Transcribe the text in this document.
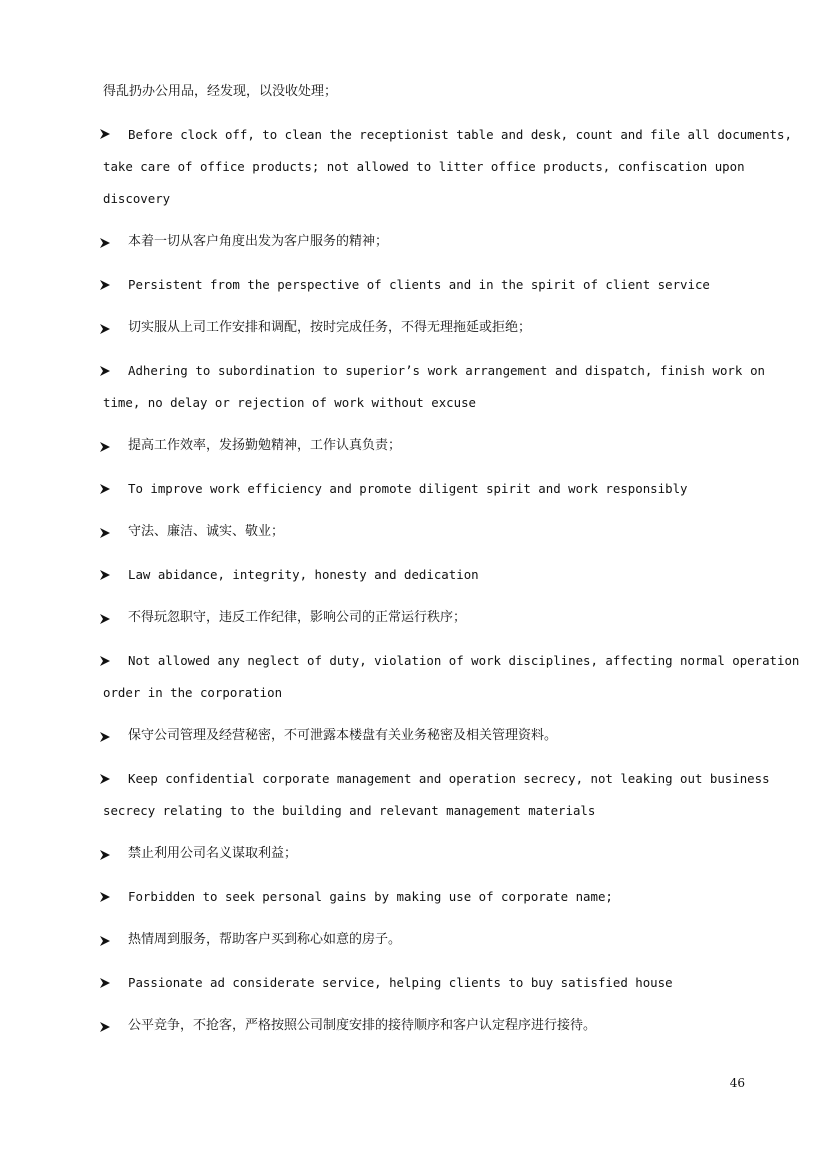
得乱扔办公用品，经发现，以没收处理；
Before clock off, to clean the receptionist table and desk, count and file all documents,
take care of office products; not allowed to litter office products, confiscation upon
discovery
本着一切从客户角度出发为客户服务的精神；
Persistent from the perspective of clients and in the spirit of client service
切实服从上司工作安排和调配，按时完成任务，不得无理拖延或拒绝；
Adhering to subordination to superior’s work arrangement and dispatch, finish work on
time, no delay or rejection of work without excuse
提高工作效率，发扬勤勉精神，工作认真负责；
To improve work efficiency and promote diligent spirit and work responsibly
守法、廉洁、诚实、敬业；
Law abidance, integrity, honesty and dedication
不得玩忽职守，违反工作纪律，影响公司的正常运行秩序；
Not allowed any neglect of duty, violation of work disciplines, affecting normal operation
order in the corporation
保守公司管理及经营秘密，不可泄露本楼盘有关业务秘密及相关管理资料。
Keep confidential corporate management and operation secrecy, not leaking out business
secrecy relating to the building and relevant management materials
禁止利用公司名义谋取利益；
Forbidden to seek personal gains by making use of corporate name;
热情周到服务，帮助客户买到称心如意的房子。
Passionate ad considerate service, helping clients to buy satisfied house
公平竞争，不抢客，严格按照公司制度安排的接待顺序和客户认定程序进行接待。
46
